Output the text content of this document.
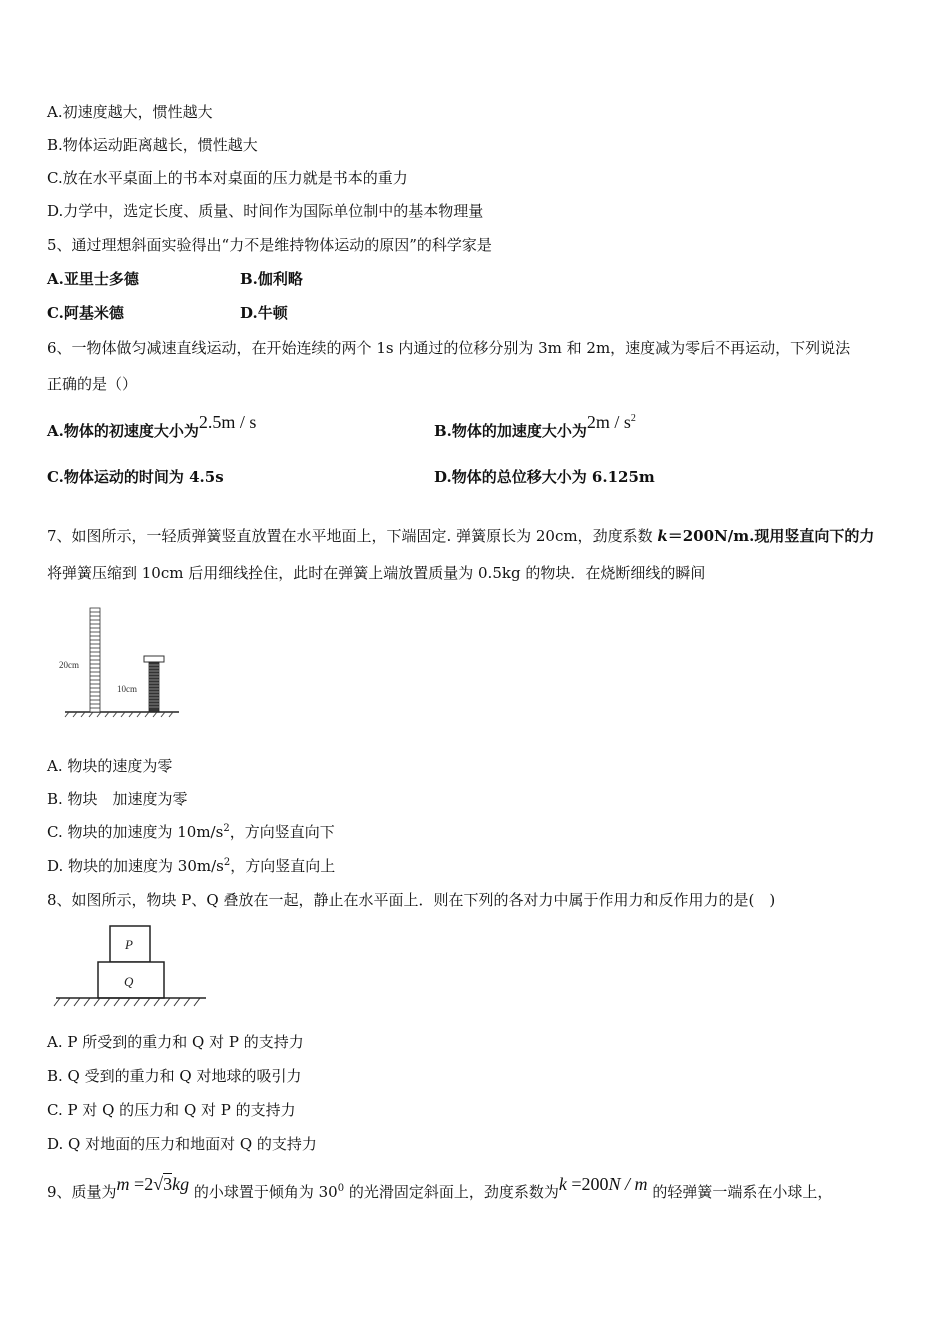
A.初速度越大，惯性越大
B.物体运动距离越长，惯性越大
C.放在水平桌面上的书本对桌面的压力就是书本的重力
D.力学中，选定长度、质量、时间作为国际单位制中的基本物理量
5、通过理想斜面实验得出“力不是维持物体运动的原因”的科学家是
A.亚里士多德	B.伽利略
C.阿基米德	D.牛顿
6、一物体做匀减速直线运动，在开始连续的两个 1s 内通过的位移分别为 3m 和 2m，速度减为零后不再运动，下列说法
正确的是（）
A.物体的初速度大小为2.5m / s	B.物体的加速度大小为$2m / s^2$
C.物体运动的时间为 4.5s	D.物体的总位移大小为 6.125m
7、如图所示，一轻质弹簧竖直放置在水平地面上，下端固定. 弹簧原长为 20cm，劲度系数 k＝200N/m.现用竖直向下的力
将弹簧压缩到 10cm 后用细线拴住，此时在弹簧上端放置质量为 0.5kg 的物块．在烧断细线的瞬间
20cm
10cm
A. 物块的速度为零
B. 物块　加速度为零
C. 物块的加速度为 $10m/s^2$，方向竖直向下
D. 物块的加速度为 $30m/s^2$，方向竖直向上
8、如图所示，物块 P、Q 叠放在一起，静止在水平面上．则在下列的各对力中属于作用力和反作用力的是(　)
P
Q
A. P 所受到的重力和 Q 对 P 的支持力
B. Q 受到的重力和 Q 对地球的吸引力
C. P 对 Q 的压力和 Q 对 P 的支持力
D. Q 对地面的压力和地面对 Q 的支持力
9、质量为m =2√3kg 的小球置于倾角为 $30^0$ 的光滑固定斜面上，劲度系数为k =200N / m 的轻弹簧一端系在小球上，
